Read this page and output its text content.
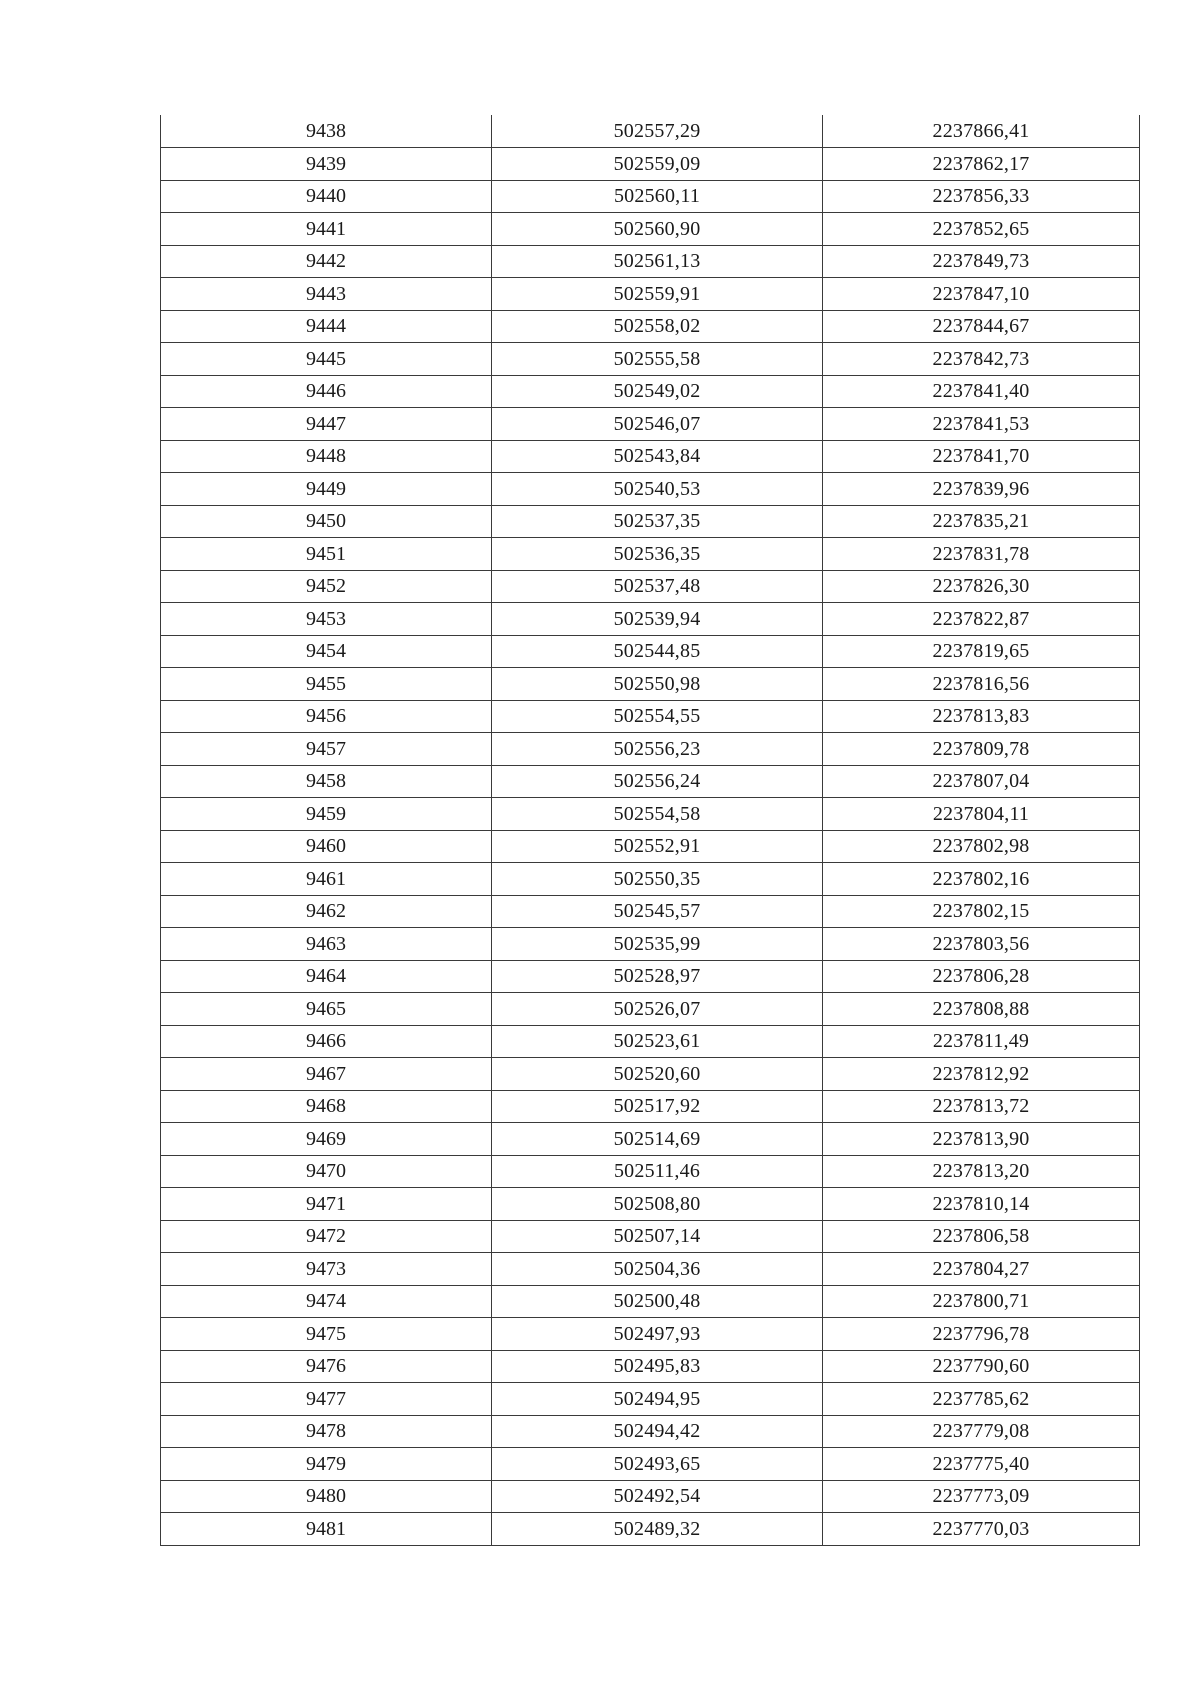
9438	502557,29	2237866,41
9439	502559,09	2237862,17
9440	502560,11	2237856,33
9441	502560,90	2237852,65
9442	502561,13	2237849,73
9443	502559,91	2237847,10
9444	502558,02	2237844,67
9445	502555,58	2237842,73
9446	502549,02	2237841,40
9447	502546,07	2237841,53
9448	502543,84	2237841,70
9449	502540,53	2237839,96
9450	502537,35	2237835,21
9451	502536,35	2237831,78
9452	502537,48	2237826,30
9453	502539,94	2237822,87
9454	502544,85	2237819,65
9455	502550,98	2237816,56
9456	502554,55	2237813,83
9457	502556,23	2237809,78
9458	502556,24	2237807,04
9459	502554,58	2237804,11
9460	502552,91	2237802,98
9461	502550,35	2237802,16
9462	502545,57	2237802,15
9463	502535,99	2237803,56
9464	502528,97	2237806,28
9465	502526,07	2237808,88
9466	502523,61	2237811,49
9467	502520,60	2237812,92
9468	502517,92	2237813,72
9469	502514,69	2237813,90
9470	502511,46	2237813,20
9471	502508,80	2237810,14
9472	502507,14	2237806,58
9473	502504,36	2237804,27
9474	502500,48	2237800,71
9475	502497,93	2237796,78
9476	502495,83	2237790,60
9477	502494,95	2237785,62
9478	502494,42	2237779,08
9479	502493,65	2237775,40
9480	502492,54	2237773,09
9481	502489,32	2237770,03
